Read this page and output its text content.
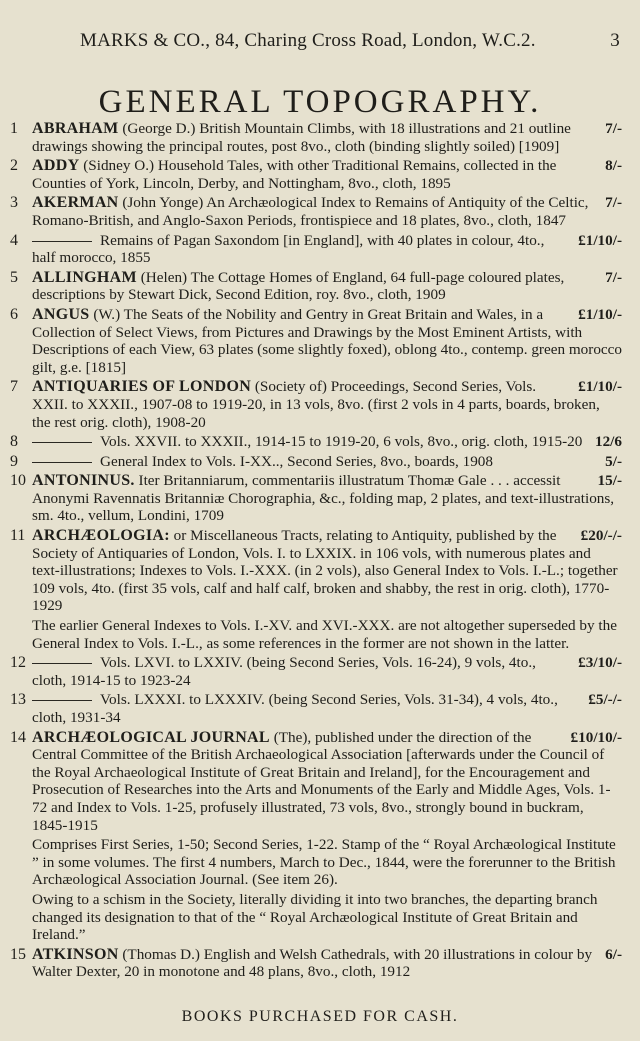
MARKS & CO., 84, Charing Cross Road, London, W.C.2.	3
GENERAL TOPOGRAPHY.
1	7/-
ABRAHAM (George D.) British Mountain Climbs, with 18 illustrations and 21 outline drawings showing the principal routes, post 8vo., cloth (binding slightly soiled) [1909]
2	8/-
ADDY (Sidney O.) Household Tales, with other Traditional Remains, collected in the Counties of York, Lincoln, Derby, and Nottingham, 8vo., cloth, 1895
3	7/-
AKERMAN (John Yonge) An Archæological Index to Remains of Antiquity of the Celtic, Romano-British, and Anglo-Saxon Periods, frontispiece and 18 plates, 8vo., cloth, 1847
4	£1/10/-
Remains of Pagan Saxondom [in England], with 40 plates in colour, 4to., half morocco, 1855
5	7/-
ALLINGHAM (Helen) The Cottage Homes of England, 64 full-page coloured plates, descriptions by Stewart Dick, Second Edition, roy. 8vo., cloth, 1909
6	£1/10/-
ANGUS (W.) The Seats of the Nobility and Gentry in Great Britain and Wales, in a Collection of Select Views, from Pictures and Drawings by the Most Eminent Artists, with Descriptions of each View, 63 plates (some slightly foxed), oblong 4to., contemp. green morocco gilt, g.e. [1815]
7	£1/10/-
ANTIQUARIES OF LONDON (Society of) Proceedings, Second Series, Vols. XXII. to XXXII., 1907-08 to 1919-20, in 13 vols, 8vo. (first 2 vols in 4 parts, boards, broken, the rest orig. cloth), 1908-20
8	12/6
Vols. XXVII. to XXXII., 1914-15 to 1919-20, 6 vols, 8vo., orig. cloth, 1915-20
9	5/-
General Index to Vols. I-XX.., Second Series, 8vo., boards, 1908
10	15/-
ANTONINUS. Iter Britanniarum, commentariis illustratum Thomæ Gale . . . accessit Anonymi Ravennatis Britanniæ Chorographia, &c., folding map, 2 plates, and text-illustrations, sm. 4to., vellum, Londini, 1709
11	£20/-/-
ARCHÆOLOGIA: or Miscellaneous Tracts, relating to Antiquity, published by the Society of Antiquaries of London, Vols. I. to LXXIX. in 106 vols, with numerous plates and text-illustrations; Indexes to Vols. I.-XXX. (in 2 vols), also General Index to Vols. I.-L.; together 109 vols, 4to. (first 35 vols, calf and half calf, broken and shabby, the rest in orig. cloth), 1770-1929
The earlier General Indexes to Vols. I.-XV. and XVI.-XXX. are not altogether superseded by the General Index to Vols. I.-L., as some references in the former are not shown in the latter.
12	£3/10/-
Vols. LXVI. to LXXIV. (being Second Series, Vols. 16-24), 9 vols, 4to., cloth, 1914-15 to 1923-24
13	£5/-/-
Vols. LXXXI. to LXXXIV. (being Second Series, Vols. 31-34), 4 vols, 4to., cloth, 1931-34
14	£10/10/-
ARCHÆOLOGICAL JOURNAL (The), published under the direction of the Central Committee of the British Archaeological Association [afterwards under the Council of the Royal Archaeological Institute of Great Britain and Ireland], for the Encouragement and Prosecution of Researches into the Arts and Monuments of the Early and Middle Ages, Vols. 1-72 and Index to Vols. 1-25, profusely illustrated, 73 vols, 8vo., strongly bound in buckram, 1845-1915
Comprises First Series, 1-50; Second Series, 1-22. Stamp of the “ Royal Archæological Institute ” in some volumes. The first 4 numbers, March to Dec., 1844, were the forerunner to the British Archæological Association Journal. (See item 26).
Owing to a schism in the Society, literally dividing it into two branches, the departing branch changed its designation to that of the “ Royal Archæological Institute of Great Britain and Ireland.”
15	6/-
ATKINSON (Thomas D.) English and Welsh Cathedrals, with 20 illustrations in colour by Walter Dexter, 20 in monotone and 48 plans, 8vo., cloth, 1912
BOOKS PURCHASED FOR CASH.
